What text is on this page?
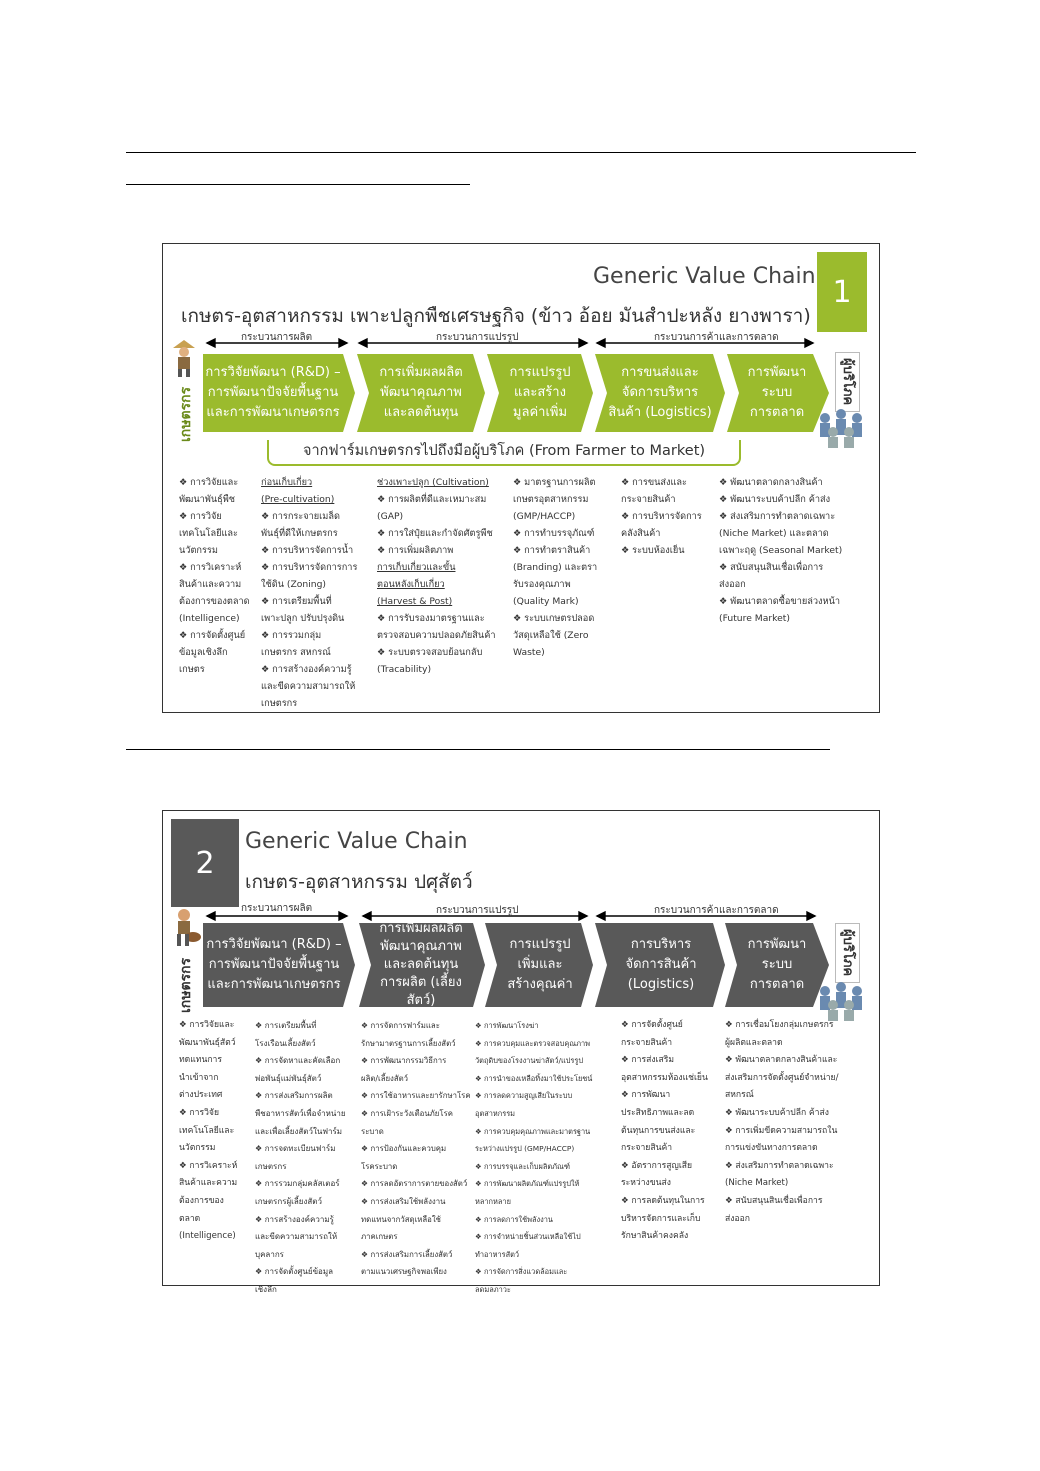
Generic Value Chain
เกษตร-อุตสาหกรรม เพาะปลูกพืชเศรษฐกิจ (ข้าว อ้อย มันสำปะหลัง ยางพารา)
1
กระบวนการผลิต	กระบวนการแปรรูป	กระบวนการค้าและการตลาด
เกษตรกร
การวิจัยพัฒนา (R&D) –
การพัฒนาปัจจัยพื้นฐาน
และการพัฒนาเกษตรกร
การเพิ่มผลผลิต
พัฒนาคุณภาพ
และลดต้นทุน
การแปรรูป
และสร้าง
มูลค่าเพิ่ม
การขนส่งและ
จัดการบริหาร
สินค้า (Logistics)
การพัฒนา
ระบบ
การตลาด
ผู้บริโภค
จากฟาร์มเกษตรกรไปถึงมือผู้บริโภค (From Farmer to Market)
❖ การวิจัยและ
พัฒนาพันธุ์พืช
❖ การวิจัย
เทคโนโลยีและ
นวัตกรรม
❖ การวิเคราะห์
สินค้าและความ
ต้องการของตลาด
(Intelligence)
❖ การจัดตั้งศูนย์
ข้อมูลเชิงลึก
เกษตร
ก่อนเก็บเกี่ยว
(Pre-cultivation)
❖ การกระจายเมล็ด
พันธุ์ที่ดีให้เกษตรกร
❖ การบริหารจัดการน้ำ
❖ การบริหารจัดการการ
ใช้ดิน (Zoning)
❖ การเตรียมพื้นที่
เพาะปลูก ปรับปรุงดิน
❖ การรวมกลุ่ม
เกษตรกร สหกรณ์
❖ การสร้างองค์ความรู้
และขีดความสามารถให้
เกษตรกร
ช่วงเพาะปลูก (Cultivation)
❖ การผลิตที่ดีและเหมาะสม
(GAP)
❖ การใส่ปุ๋ยและกำจัดศัตรูพืช
❖ การเพิ่มผลิตภาพ
การเก็บเกี่ยวและขั้น
ตอนหลังเก็บเกี่ยว
(Harvest & Post)
❖ การรับรองมาตรฐานและ
ตรวจสอบความปลอดภัยสินค้า
❖ ระบบตรวจสอบย้อนกลับ
(Tracability)
❖ มาตรฐานการผลิต
เกษตรอุตสาหกรรม
(GMP/HACCP)
❖ การทำบรรจุภัณฑ์
❖ การทำตราสินค้า
(Branding) และตรา
รับรองคุณภาพ
(Quality Mark)
❖ ระบบเกษตรปลอด
วัสดุเหลือใช้ (Zero
Waste)
❖ การขนส่งและ
กระจายสินค้า
❖ การบริหารจัดการ
คลังสินค้า
❖ ระบบห้องเย็น
❖ พัฒนาตลาดกลางสินค้า
❖ พัฒนาระบบค้าปลีก ค้าส่ง
❖ ส่งเสริมการทำตลาดเฉพาะ
(Niche Market) และตลาด
เฉพาะฤดู (Seasonal Market)
❖ สนับสนุนสินเชื่อเพื่อการ
ส่งออก
❖ พัฒนาตลาดซื้อขายล่วงหน้า
(Future Market)
2
Generic Value Chain
เกษตร-อุตสาหกรรม ปศุสัตว์
กระบวนการผลิต	กระบวนการแปรรูป	กระบวนการค้าและการตลาด
เกษตรกร
การวิจัยพัฒนา (R&D) –
การพัฒนาปัจจัยพื้นฐาน
และการพัฒนาเกษตรกร
การเพิ่มผลผลิต
พัฒนาคุณภาพ
และลดต้นทุน
การผลิต (เลี้ยงสัตว์)
การแปรรูป
เพิ่มและ
สร้างคุณค่า
การบริหาร
จัดการสินค้า
(Logistics)
การพัฒนา
ระบบ
การตลาด
ผู้บริโภค
❖ การวิจัยและ
พัฒนาพันธุ์สัตว์
ทดแทนการ
นำเข้าจาก
ต่างประเทศ
❖ การวิจัย
เทคโนโลยีและ
นวัตกรรม
❖ การวิเคราะห์
สินค้าและความ
ต้องการของ
ตลาด
(Intelligence)
❖ การเตรียมพื้นที่
โรงเรือนเลี้ยงสัตว์
❖ การจัดหาและคัดเลือก
พ่อพันธุ์แม่พันธุ์สัตว์
❖ การส่งเสริมการผลิต
พืชอาหารสัตว์เพื่อจำหน่าย
และเพื่อเลี้ยงสัตว์ในฟาร์ม
❖ การจดทะเบียนฟาร์ม
เกษตรกร
❖ การรวมกลุ่มคลัสเตอร์
เกษตรกรผู้เลี้ยงสัตว์
❖ การสร้างองค์ความรู้
และขีดความสามารถให้
บุคลากร
❖ การจัดตั้งศูนย์ข้อมูล
เชิงลึก
❖ การจัดการฟาร์มและ
รักษามาตรฐานการเลี้ยงสัตว์
❖ การพัฒนากรรมวิธีการ
ผลิต/เลี้ยงสัตว์
❖ การใช้อาหารและยารักษาโรค
❖ การเฝ้าระวังเตือนภัยโรค
ระบาด
❖ การป้องกันและควบคุม
โรคระบาด
❖ การลดอัตราการตายของสัตว์
❖ การส่งเสริมใช้พลังงาน
ทดแทนจากวัสดุเหลือใช้
ภาคเกษตร
❖ การส่งเสริมการเลี้ยงสัตว์
ตามแนวเศรษฐกิจพอเพียง
❖ การพัฒนาโรงฆ่า
❖ การควบคุมและตรวจสอบคุณภาพ
วัตถุดิบของโรงงานฆ่าสัตว์/แปรรูป
❖ การนำของเหลือทิ้งมาใช้ประโยชน์
❖ การลดความสูญเสียในระบบ
อุตสาหกรรม
❖ การควบคุมคุณภาพและมาตรฐาน
ระหว่างแปรรูป (GMP/HACCP)
❖ การบรรจุและเก็บผลิตภัณฑ์
❖ การพัฒนาผลิตภัณฑ์แปรรูปให้
หลากหลาย
❖ การลดการใช้พลังงาน
❖ การจำหน่ายชิ้นส่วนเหลือใช้ไป
ทำอาหารสัตว์
❖ การจัดการสิ่งแวดล้อมและ
ลดมลภาวะ
❖ การจัดตั้งศูนย์
กระจายสินค้า
❖ การส่งเสริม
อุตสาหกรรมห้องแช่เย็น
❖ การพัฒนา
ประสิทธิภาพและลด
ต้นทุนการขนส่งและ
กระจายสินค้า
❖ อัตราการสูญเสีย
ระหว่างขนส่ง
❖ การลดต้นทุนในการ
บริหารจัดการและเก็บ
รักษาสินค้าคงคลัง
❖ การเชื่อมโยงกลุ่มเกษตรกร
ผู้ผลิตและตลาด
❖ พัฒนาตลาดกลางสินค้าและ
ส่งเสริมการจัดตั้งศูนย์จำหน่าย/
สหกรณ์
❖ พัฒนาระบบค้าปลีก ค้าส่ง
❖ การเพิ่มขีดความสามารถใน
การแข่งขันทางการตลาด
❖ ส่งเสริมการทำตลาดเฉพาะ
(Niche Market)
❖ สนับสนุนสินเชื่อเพื่อการ
ส่งออก
